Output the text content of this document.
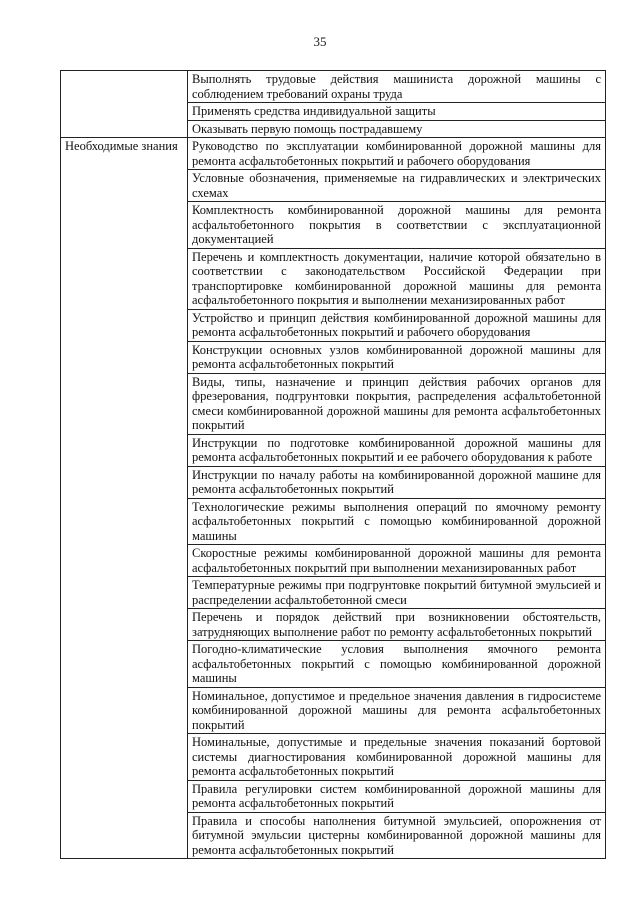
35
	Выполнять трудовые действия машиниста дорожной машины с соблюдением требований охраны труда
	Применять средства индивидуальной защиты
	Оказывать первую помощь пострадавшему
Необходимые знания	Руководство по эксплуатации комбинированной дорожной машины для ремонта асфальтобетонных покрытий и рабочего оборудования
	Условные обозначения, применяемые на гидравлических и электрических схемах
	Комплектность комбинированной дорожной машины для ремонта асфальтобетонного покрытия в соответствии с эксплуатационной документацией
	Перечень и комплектность документации, наличие которой обязательно в соответствии с законодательством Российской Федерации при транспортировке комбинированной дорожной машины для ремонта асфальтобетонного покрытия и выполнении механизированных работ
	Устройство и принцип действия комбинированной дорожной машины для ремонта асфальтобетонных покрытий и рабочего оборудования
	Конструкции основных узлов комбинированной дорожной машины для ремонта асфальтобетонных покрытий
	Виды, типы, назначение и принцип действия рабочих органов для фрезерования, подгрунтовки покрытия, распределения асфальтобетонной смеси комбинированной дорожной машины для ремонта асфальтобетонных покрытий
	Инструкции по подготовке комбинированной дорожной машины для ремонта асфальтобетонных покрытий и ее рабочего оборудования к работе
	Инструкции по началу работы на комбинированной дорожной машине для ремонта асфальтобетонных покрытий
	Технологические режимы выполнения операций по ямочному ремонту асфальтобетонных покрытий с помощью комбинированной дорожной машины
	Скоростные режимы комбинированной дорожной машины для ремонта асфальтобетонных покрытий при выполнении механизированных работ
	Температурные режимы при подгрунтовке покрытий битумной эмульсией и распределении асфальтобетонной смеси
	Перечень и порядок действий при возникновении обстоятельств, затрудняющих выполнение работ по ремонту асфальтобетонных покрытий
	Погодно-климатические условия выполнения ямочного ремонта асфальтобетонных покрытий с помощью комбинированной дорожной машины
	Номинальное, допустимое и предельное значения давления в гидросистеме комбинированной дорожной машины для ремонта асфальтобетонных покрытий
	Номинальные, допустимые и предельные значения показаний бортовой системы диагностирования комбинированной дорожной машины для ремонта асфальтобетонных покрытий
	Правила регулировки систем комбинированной дорожной машины для ремонта асфальтобетонных покрытий
	Правила и способы наполнения битумной эмульсией, опорожнения от битумной эмульсии цистерны комбинированной дорожной машины для ремонта асфальтобетонных покрытий
